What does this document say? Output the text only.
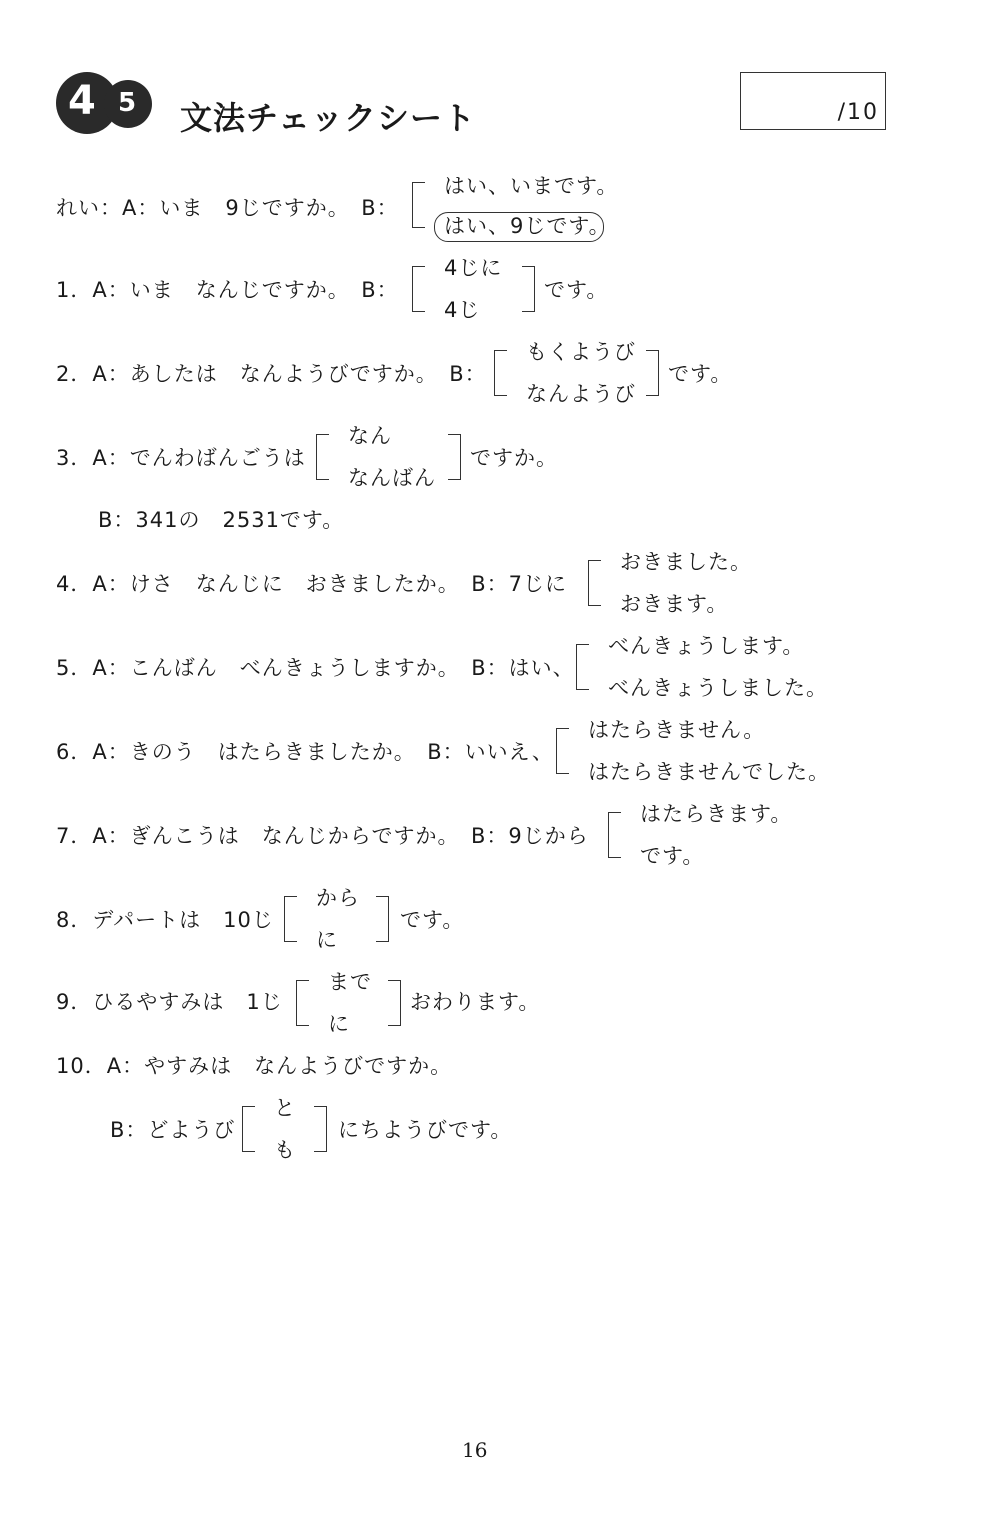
4 5 文法チェックシート	/10
れい：A：いま　9じですか。　B：
はい、いまです。
はい、9じです。
1．A：いま　なんじですか。　B：
4じに
4じ
です。
2．A：あしたは　なんようびですか。　B：
もくようび
なんようび
です。
3．A：でんわばんごうは
なん
なんばん
ですか。
B：341の　2531です。
4．A：けさ　なんじに　おきましたか。　B：7じに
おきました。
おきます。
5．A：こんばん　べんきょうしますか。　B：はい、
べんきょうします。
べんきょうしました。
6．A：きのう　はたらきましたか。　B：いいえ、
はたらきません。
はたらきませんでした。
7．A：ぎんこうは　なんじからですか。　B：9じから
はたらきます。
です。
8．デパートは　10じ
から
に
です。
9．ひるやすみは　1じ
まで
に
おわります。
10．A：やすみは　なんようびですか。
B：どようび
と
も
にちようびです。
16
